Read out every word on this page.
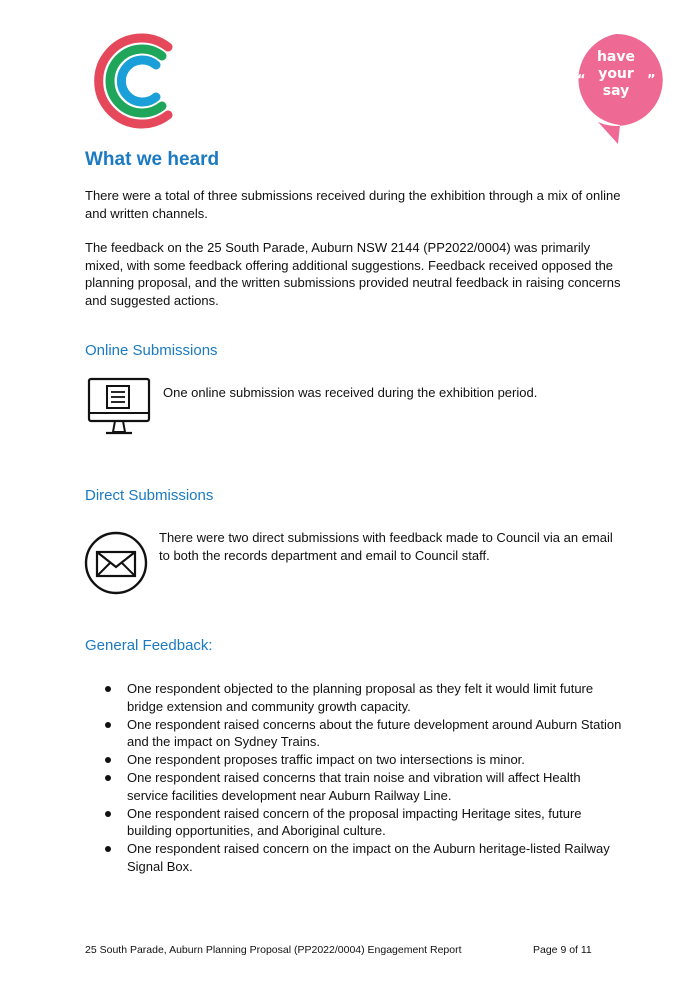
“	”
have
your
say
What we heard
There were a total of three submissions received during the exhibition through a mix of online and written channels.
The feedback on the 25 South Parade, Auburn NSW 2144 (PP2022/0004) was primarily mixed, with some feedback offering additional suggestions. Feedback received opposed the planning proposal, and the written submissions provided neutral feedback in raising concerns and suggested actions.
Online Submissions
One online submission was received during the exhibition period.
Direct Submissions
There were two direct submissions with feedback made to Council via an email to both the records department and email to Council staff.
General Feedback:
One respondent objected to the planning proposal as they felt it would limit future bridge extension and community growth capacity.
One respondent raised concerns about the future development around Auburn Station and the impact on Sydney Trains.
One respondent proposes traffic impact on two intersections is minor.
One respondent raised concerns that train noise and vibration will affect Health service facilities development near Auburn Railway Line.
One respondent raised concern of the proposal impacting Heritage sites, future building opportunities, and Aboriginal culture.
One respondent raised concern on the impact on the Auburn heritage-listed Railway Signal Box.
25 South Parade, Auburn Planning Proposal (PP2022/0004) Engagement Report	Page 9 of 11
